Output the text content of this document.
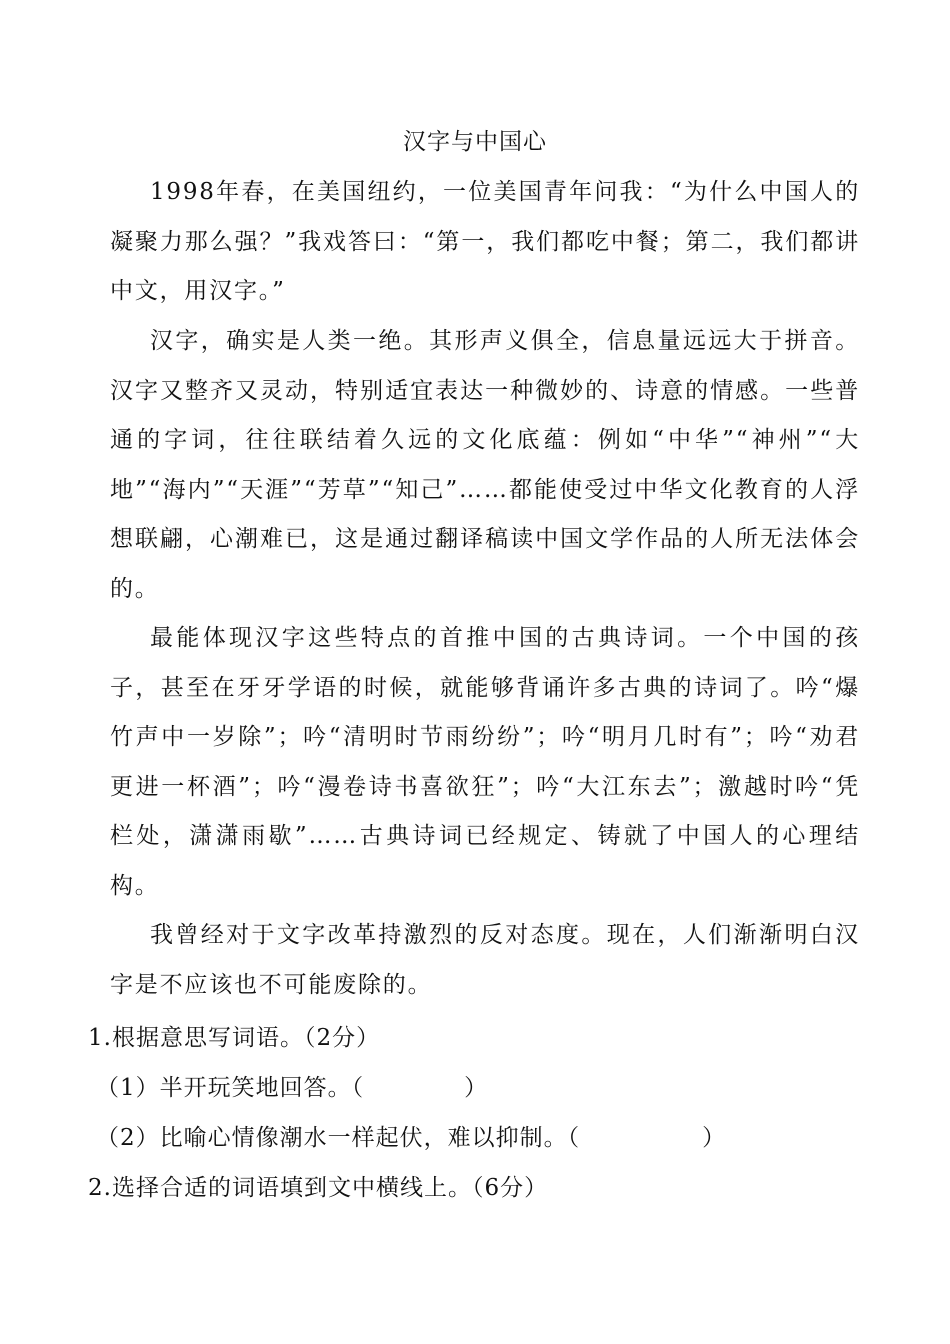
汉字与中国心
1998年春，在美国纽约，一位美国青年问我：“为什么中国人的凝聚力那么强？”我戏答曰：“第一，我们都吃中餐；第二，我们都讲中文，用汉字。”
汉字，确实是人类一绝。其形声义俱全，信息量远远大于拼音。汉字又整齐又灵动，特别适宜表达一种微妙的、诗意的情感。一些普通的字词，往往联结着久远的文化底蕴：例如“中华”“神州”“大地”“海内”“天涯”“芳草”“知己”……都能使受过中华文化教育的人浮想联翩，心潮难已，这是通过翻译稿读中国文学作品的人所无法体会的。
最能体现汉字这些特点的首推中国的古典诗词。一个中国的孩子，甚至在牙牙学语的时候，就能够背诵许多古典的诗词了。吟“爆竹声中一岁除”；吟“清明时节雨纷纷”；吟“明月几时有”；吟“劝君更进一杯酒”；吟“漫卷诗书喜欲狂”；吟“大江东去”；激越时吟“凭栏处，潇潇雨歇”……古典诗词已经规定、铸就了中国人的心理结构。
我曾经对于文字改革持激烈的反对态度。现在，人们渐渐明白汉字是不应该也不可能废除的。
1.根据意思写词语。（2分）
（1）半开玩笑地回答。（	）
（2）比喻心情像潮水一样起伏，难以抑制。（	）
2.选择合适的词语填到文中横线上。（6分）
